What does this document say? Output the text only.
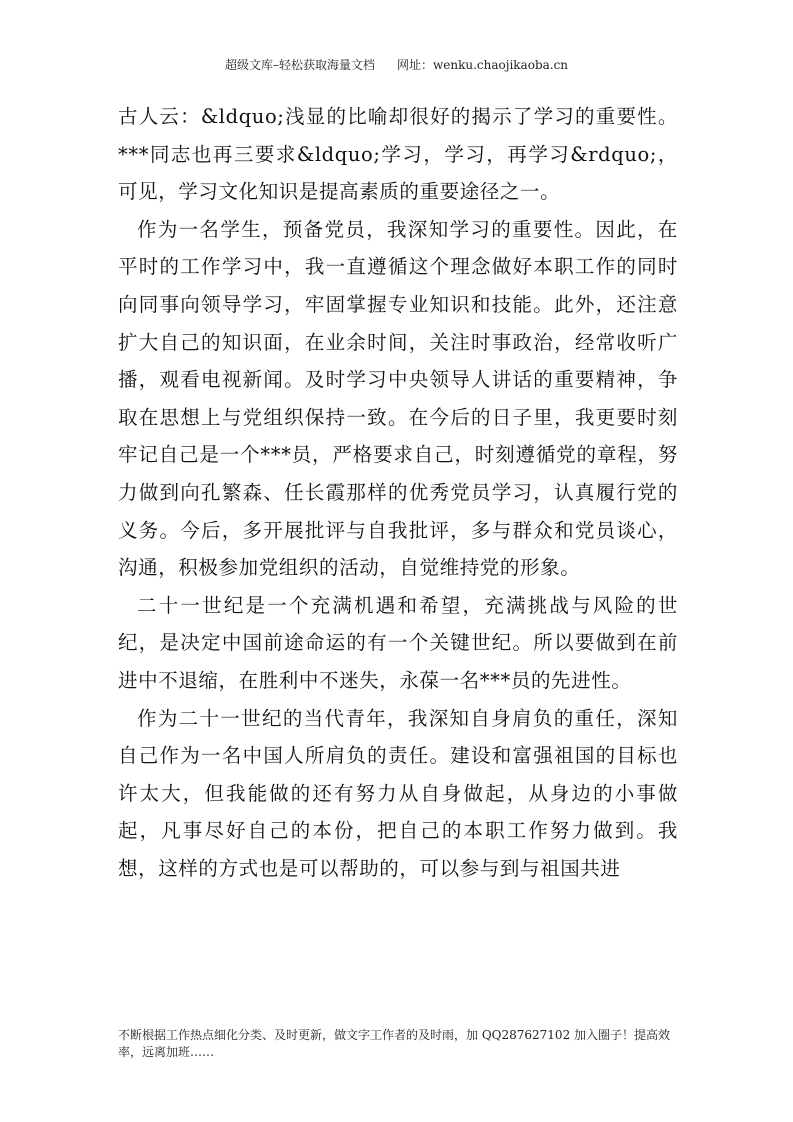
超级文库–轻松获取海量文档 网址：wenku.chaojikaoba.cn

古人云：&ldquo;浅显的比喻却很好的揭示了学习的重要性。***同志也再三要求&ldquo;学习，学习，再学习&rdquo;，可见，学习文化知识是提高素质的重要途径之一。

作为一名学生，预备党员，我深知学习的重要性。因此，在平时的工作学习中，我一直遵循这个理念做好本职工作的同时向同事向领导学习，牢固掌握专业知识和技能。此外，还注意扩大自己的知识面，在业余时间，关注时事政治，经常收听广播，观看电视新闻。及时学习中央领导人讲话的重要精神，争取在思想上与党组织保持一致。在今后的日子里，我更要时刻牢记自己是一个***员，严格要求自己，时刻遵循党的章程，努力做到向孔繁森、任长霞那样的优秀党员学习，认真履行党的义务。今后，多开展批评与自我批评，多与群众和党员谈心，沟通，积极参加党组织的活动，自觉维持党的形象。

二十一世纪是一个充满机遇和希望，充满挑战与风险的世纪，是决定中国前途命运的有一个关键世纪。所以要做到在前进中不退缩，在胜利中不迷失，永葆一名***员的先进性。

作为二十一世纪的当代青年，我深知自身肩负的重任，深知自己作为一名中国人所肩负的责任。建设和富强祖国的目标也许太大，但我能做的还有努力从自身做起，从身边的小事做起，凡事尽好自己的本份，把自己的本职工作努力做到。我想，这样的方式也是可以帮助的，可以参与到与祖国共进

不断根据工作热点细化分类、及时更新，做文字工作者的及时雨，加 QQ287627102 加入圈子！提高效率，远离加班……
